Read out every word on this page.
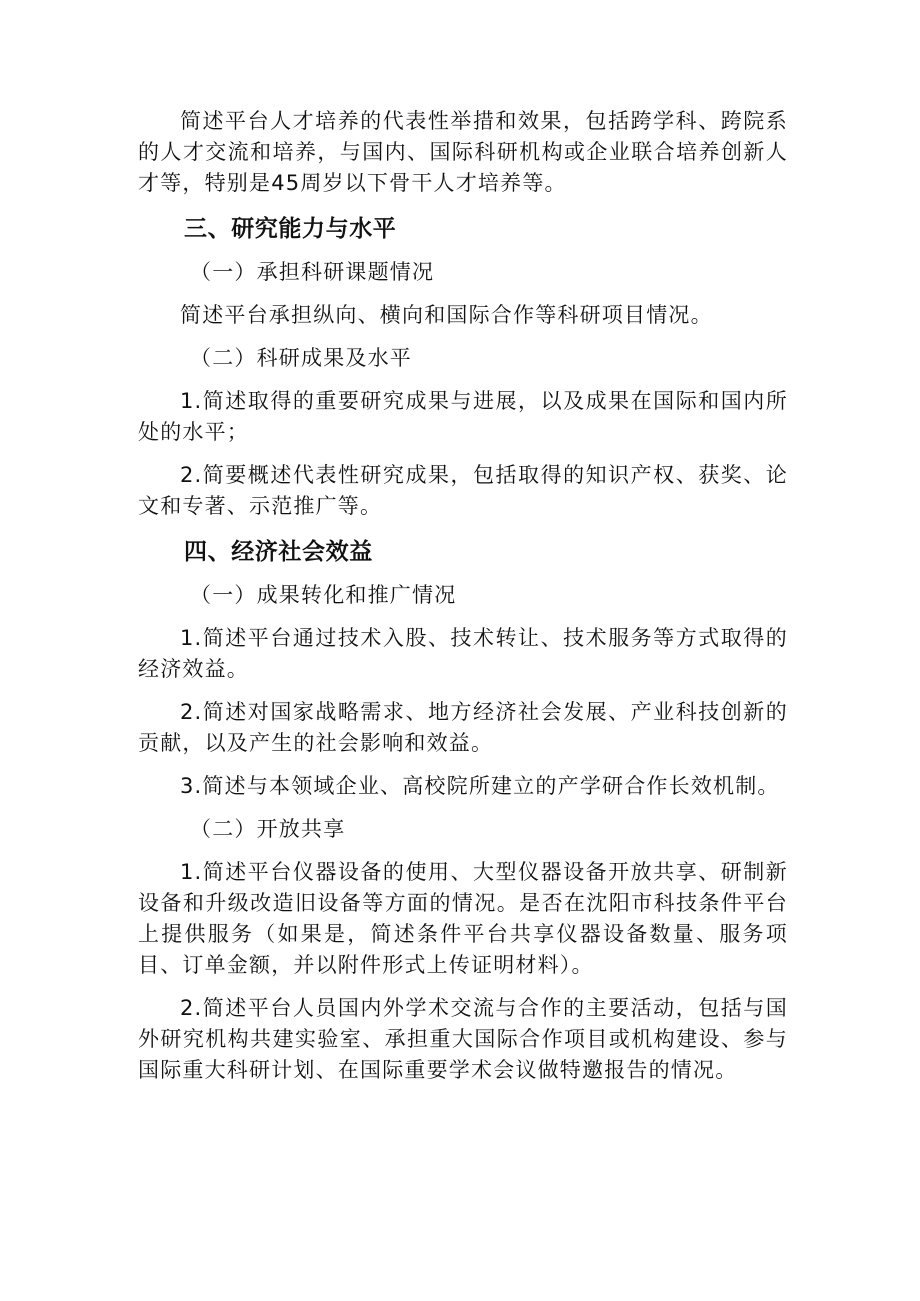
简述平台人才培养的代表性举措和效果，包括跨学科、跨院系的人才交流和培养，与国内、国际科研机构或企业联合培养创新人才等，特别是45周岁以下骨干人才培养等。

三、研究能力与水平

（一）承担科研课题情况

简述平台承担纵向、横向和国际合作等科研项目情况。

（二）科研成果及水平

1.简述取得的重要研究成果与进展，以及成果在国际和国内所处的水平；

2.简要概述代表性研究成果，包括取得的知识产权、获奖、论文和专著、示范推广等。

四、经济社会效益

（一）成果转化和推广情况

1.简述平台通过技术入股、技术转让、技术服务等方式取得的经济效益。

2.简述对国家战略需求、地方经济社会发展、产业科技创新的贡献，以及产生的社会影响和效益。

3.简述与本领域企业、高校院所建立的产学研合作长效机制。

（二）开放共享

1.简述平台仪器设备的使用、大型仪器设备开放共享、研制新设备和升级改造旧设备等方面的情况。是否在沈阳市科技条件平台上提供服务（如果是，简述条件平台共享仪器设备数量、服务项目、订单金额，并以附件形式上传证明材料）。

2.简述平台人员国内外学术交流与合作的主要活动，包括与国外研究机构共建实验室、承担重大国际合作项目或机构建设、参与国际重大科研计划、在国际重要学术会议做特邀报告的情况。
